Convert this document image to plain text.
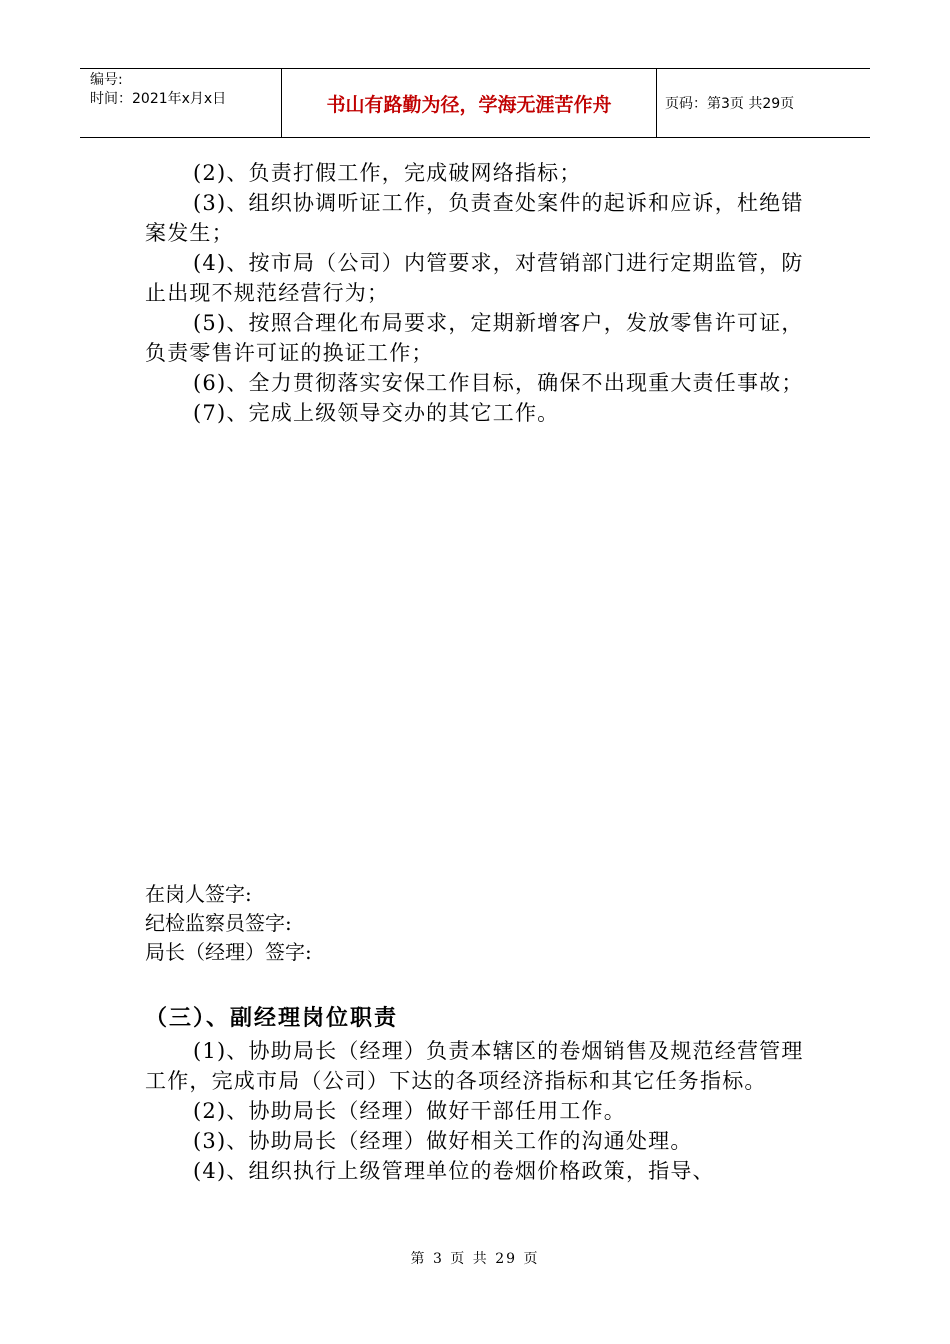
编号:
时间：2021年x月x日	书山有路勤为径，学海无涯苦作舟	页码：第3页 共29页

(2)、负责打假工作，完成破网络指标；

(3)、组织协调听证工作，负责查处案件的起诉和应诉，杜绝错案发生；

(4)、按市局（公司）内管要求，对营销部门进行定期监管，防止出现不规范经营行为；

(5)、按照合理化布局要求，定期新增客户，发放零售许可证，负责零售许可证的换证工作；

(6)、全力贯彻落实安保工作目标，确保不出现重大责任事故；

(7)、完成上级领导交办的其它工作。

在岗人签字:
纪检监察员签字:
局长（经理）签字:
（三）、副经理岗位职责

(1)、协助局长（经理）负责本辖区的卷烟销售及规范经营管理工作，完成市局（公司）下达的各项经济指标和其它任务指标。

(2)、协助局长（经理）做好干部任用工作。

(3)、协助局长（经理）做好相关工作的沟通处理。

(4)、组织执行上级管理单位的卷烟价格政策，指导、

第 3 页 共 29 页
